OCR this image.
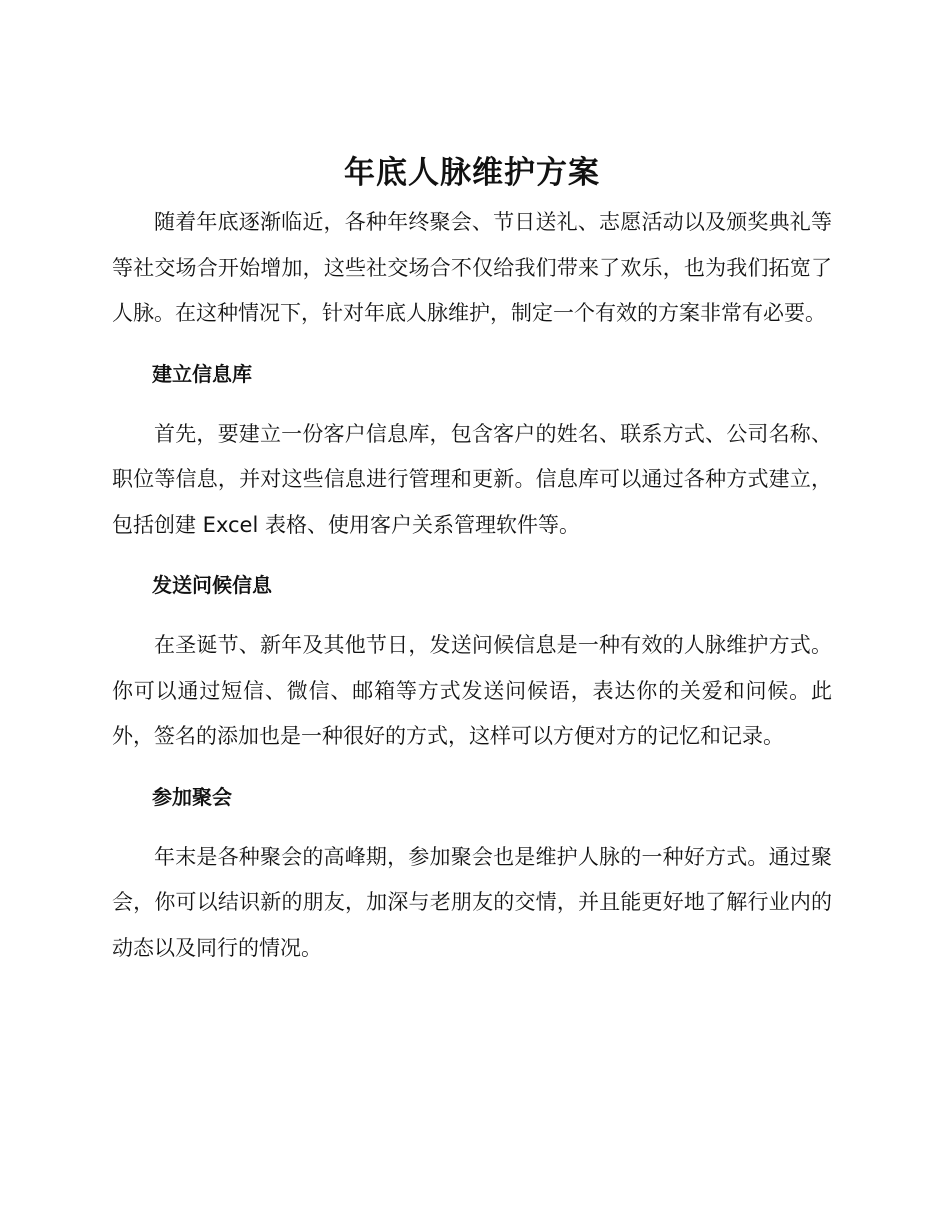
年底人脉维护方案

随着年底逐渐临近，各种年终聚会、节日送礼、志愿活动以及颁奖典礼等等社交场合开始增加，这些社交场合不仅给我们带来了欢乐，也为我们拓宽了人脉。在这种情况下，针对年底人脉维护，制定一个有效的方案非常有必要。

建立信息库

首先，要建立一份客户信息库，包含客户的姓名、联系方式、公司名称、职位等信息，并对这些信息进行管理和更新。信息库可以通过各种方式建立，包括创建 Excel 表格、使用客户关系管理软件等。

发送问候信息

在圣诞节、新年及其他节日，发送问候信息是一种有效的人脉维护方式。你可以通过短信、微信、邮箱等方式发送问候语，表达你的关爱和问候。此外，签名的添加也是一种很好的方式，这样可以方便对方的记忆和记录。

参加聚会

年末是各种聚会的高峰期，参加聚会也是维护人脉的一种好方式。通过聚会，你可以结识新的朋友，加深与老朋友的交情，并且能更好地了解行业内的动态以及同行的情况。
